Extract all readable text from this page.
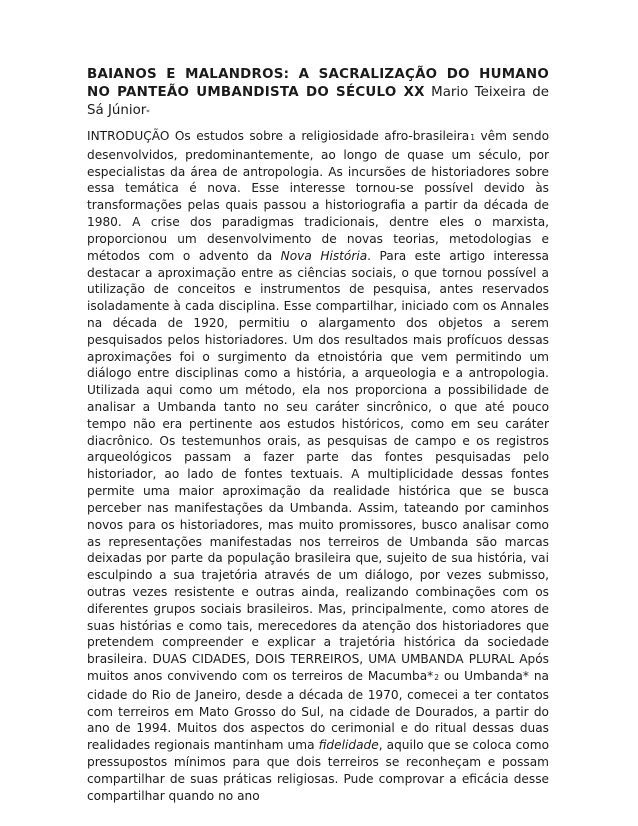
BAIANOS E MALANDROS: A SACRALIZAÇÃO DO HUMANO NO PANTEÃO UMBANDISTA DO SÉCULO XX Mario Teixeira de Sá Júnior*

INTRODUÇÃO Os estudos sobre a religiosidade afro-brasileira1 vêm sendo desenvolvidos, predominantemente, ao longo de quase um século, por especialistas da área de antropologia. As incursões de historiadores sobre essa temática é nova. Esse interesse tornou-se possível devido às transformações pelas quais passou a historiografia a partir da década de 1980. A crise dos paradigmas tradicionais, dentre eles o marxista, proporcionou um desenvolvimento de novas teorias, metodologias e métodos com o advento da Nova História. Para este artigo interessa destacar a aproximação entre as ciências sociais, o que tornou possível a utilização de conceitos e instrumentos de pesquisa, antes reservados isoladamente à cada disciplina. Esse compartilhar, iniciado com os Annales na década de 1920, permitiu o alargamento dos objetos a serem pesquisados pelos historiadores. Um dos resultados mais profícuos dessas aproximações foi o surgimento da etnoistória que vem permitindo um diálogo entre disciplinas como a história, a arqueologia e a antropologia. Utilizada aqui como um método, ela nos proporciona a possibilidade de analisar a Umbanda tanto no seu caráter sincrônico, o que até pouco tempo não era pertinente aos estudos históricos, como em seu caráter diacrônico. Os testemunhos orais, as pesquisas de campo e os registros arqueológicos passam a fazer parte das fontes pesquisadas pelo historiador, ao lado de fontes textuais. A multiplicidade dessas fontes permite uma maior aproximação da realidade histórica que se busca perceber nas manifestações da Umbanda. Assim, tateando por caminhos novos para os historiadores, mas muito promissores, busco analisar como as representações manifestadas nos terreiros de Umbanda são marcas deixadas por parte da população brasileira que, sujeito de sua história, vai esculpindo a sua trajetória através de um diálogo, por vezes submisso, outras vezes resistente e outras ainda, realizando combinações com os diferentes grupos sociais brasileiros. Mas, principalmente, como atores de suas histórias e como tais, merecedores da atenção dos historiadores que pretendem compreender e explicar a trajetória histórica da sociedade brasileira. DUAS CIDADES, DOIS TERREIROS, UMA UMBANDA PLURAL Após muitos anos convivendo com os terreiros de Macumba*2 ou Umbanda* na cidade do Rio de Janeiro, desde a década de 1970, comecei a ter contatos com terreiros em Mato Grosso do Sul, na cidade de Dourados, a partir do ano de 1994. Muitos dos aspectos do cerimonial e do ritual dessas duas realidades regionais mantinham uma fidelidade, aquilo que se coloca como pressupostos mínimos para que dois terreiros se reconheçam e possam compartilhar de suas práticas religiosas. Pude comprovar a eficácia desse compartilhar quando no ano
